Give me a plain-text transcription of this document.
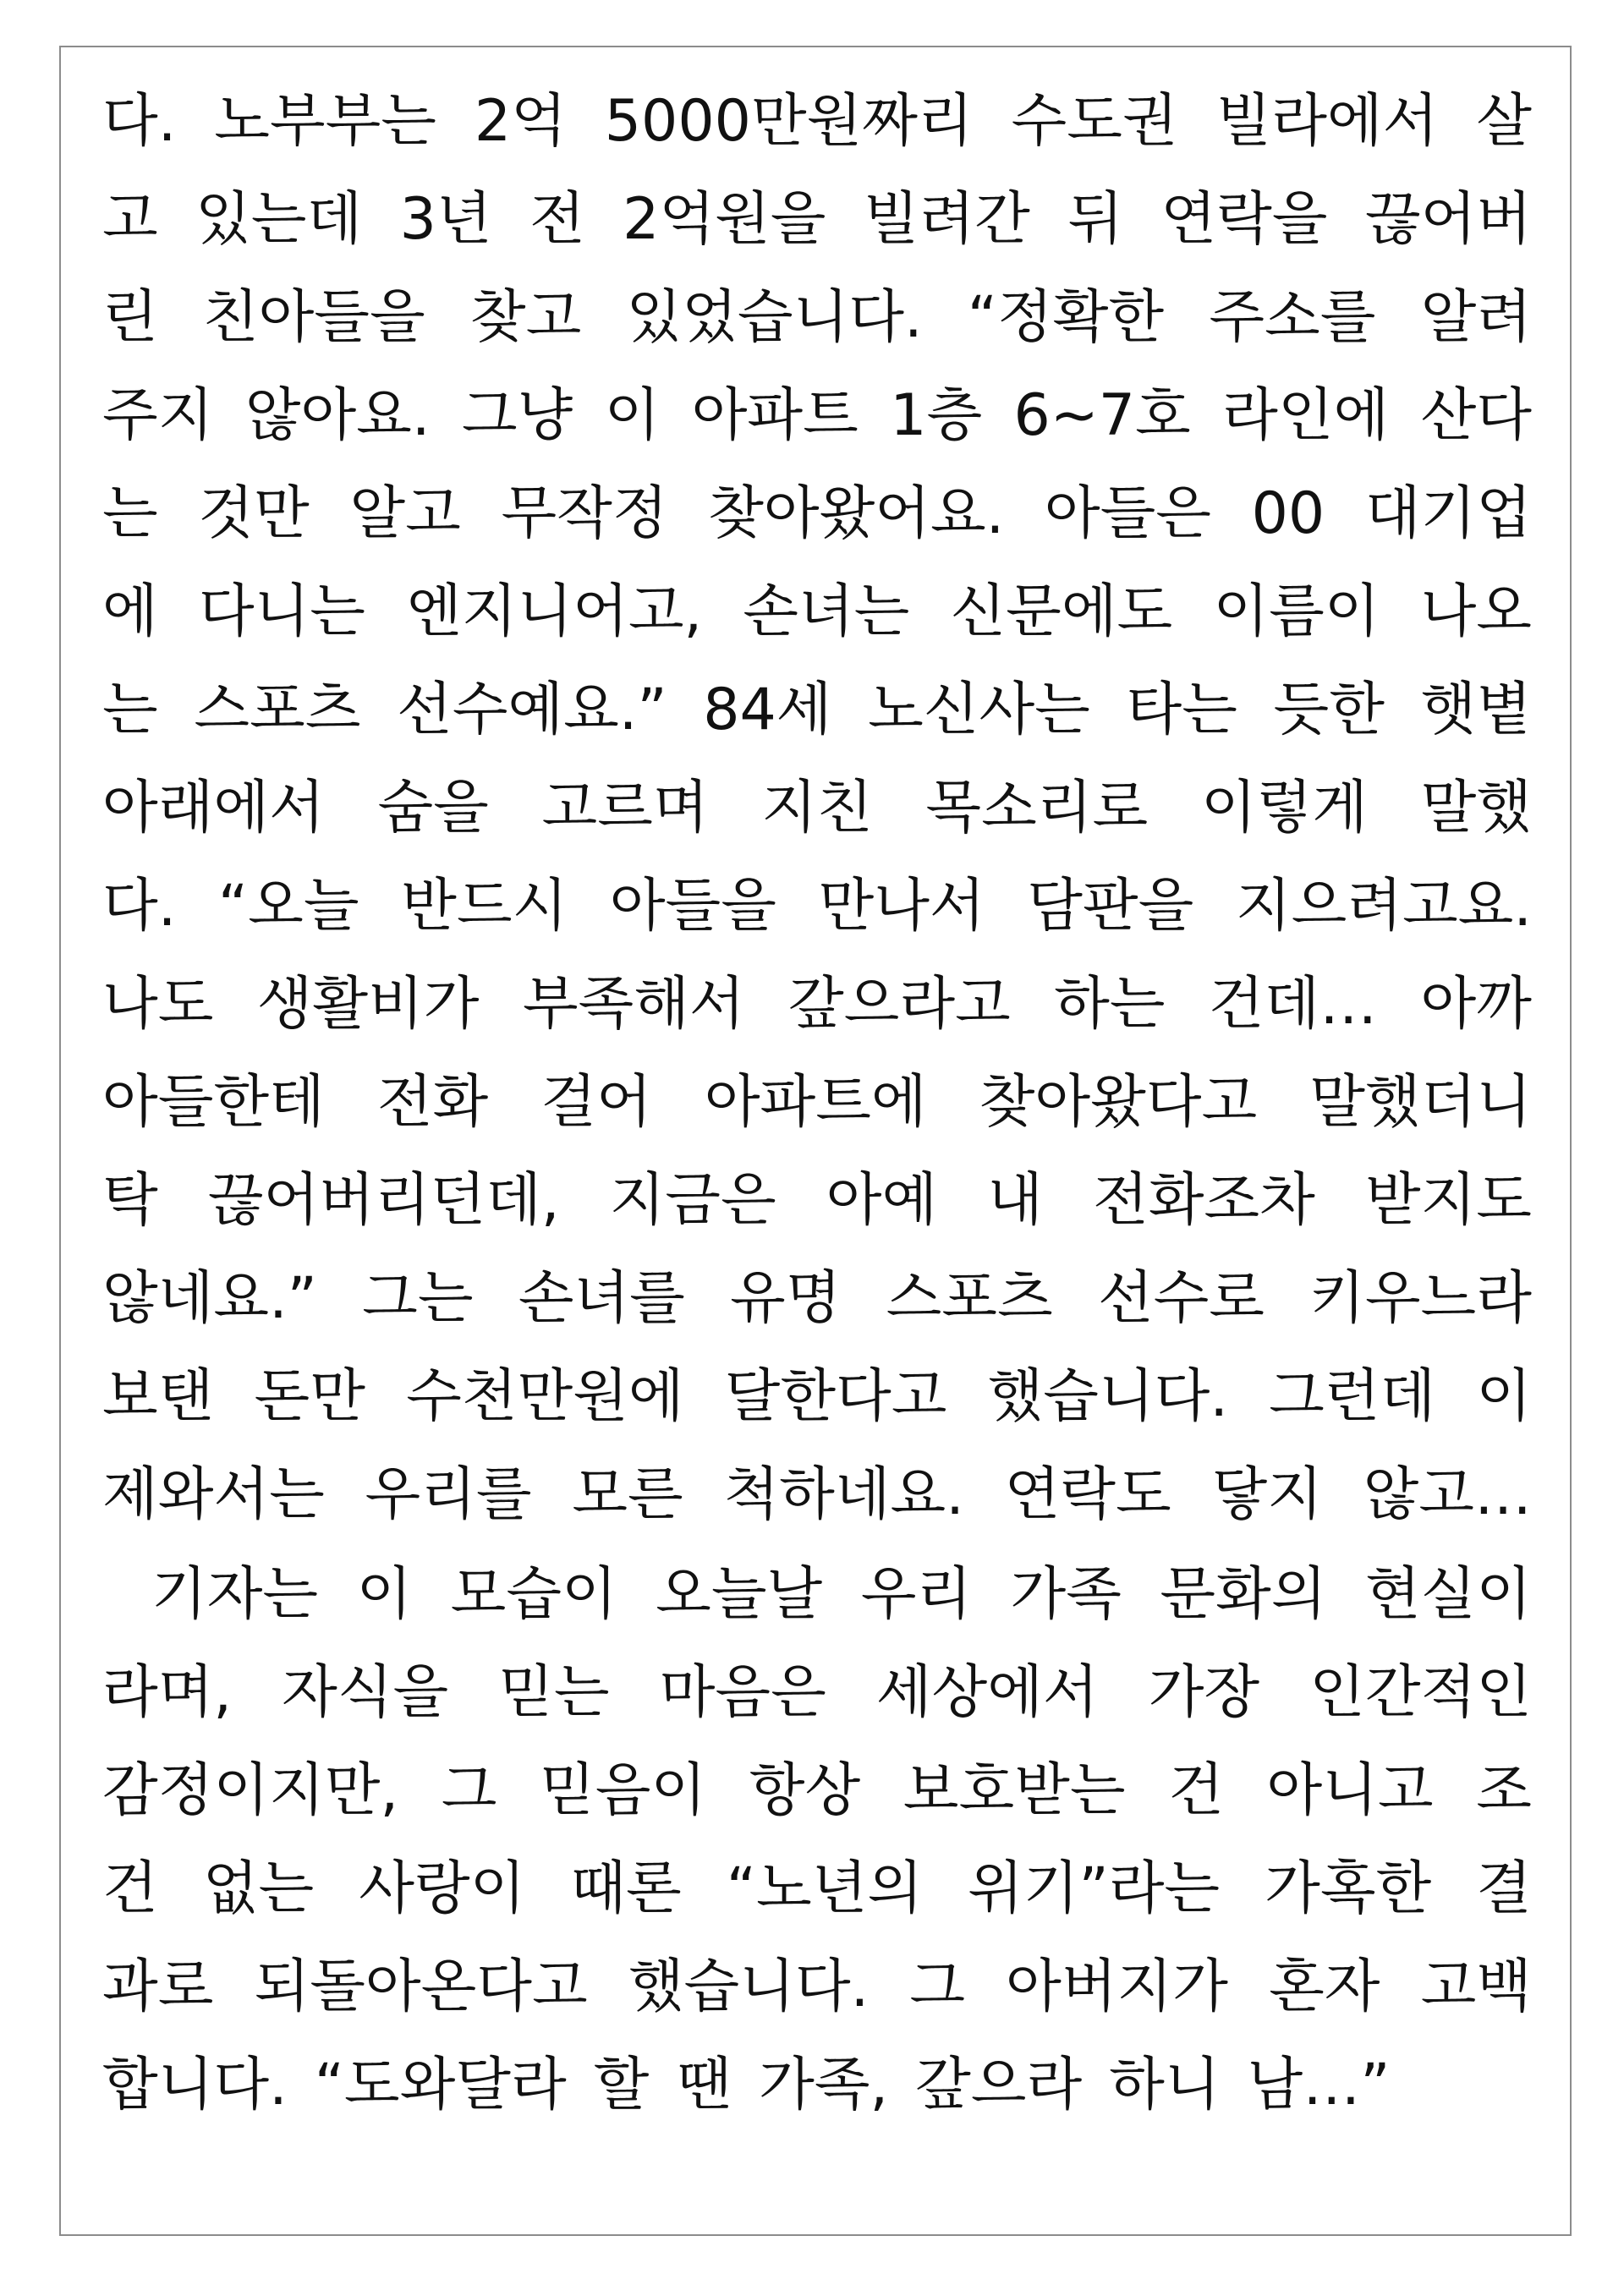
다. 노부부는 2억 5000만원짜리 수도권 빌라에서 살
고 있는데 3년 전 2억원을 빌려간 뒤 연락을 끊어버
린 친아들을 찾고 있었습니다. “정확한 주소를 알려
주지 않아요. 그냥 이 아파트 1층 6~7호 라인에 산다
는 것만 알고 무작정 찾아왔어요. 아들은 00 대기업
에 다니는 엔지니어고, 손녀는 신문에도 이름이 나오
는 스포츠 선수예요.” 84세 노신사는 타는 듯한 햇볕
아래에서 숨을 고르며 지친 목소리로 이렇게 말했
다. “오늘 반드시 아들을 만나서 담판을 지으려고요.
나도 생활비가 부족해서 갚으라고 하는 건데… 아까
아들한테 전화 걸어 아파트에 찾아왔다고 말했더니
탁 끊어버리던데, 지금은 아예 내 전화조차 받지도
않네요.” 그는 손녀를 유명 스포츠 선수로 키우느라
보탠 돈만 수천만원에 달한다고 했습니다. 그런데 이
제와서는 우리를 모른 척하네요. 연락도 닿지 않고…
기자는 이 모습이 오늘날 우리 가족 문화의 현실이
라며, 자식을 믿는 마음은 세상에서 가장 인간적인
감정이지만, 그 믿음이 항상 보호받는 건 아니고 조
건 없는 사랑이 때론 “노년의 위기”라는 가혹한 결
과로 되돌아온다고 했습니다. 그 아버지가 혼자 고백
합니다. “도와달라 할 땐 가족, 갚으라 하니 남…”
